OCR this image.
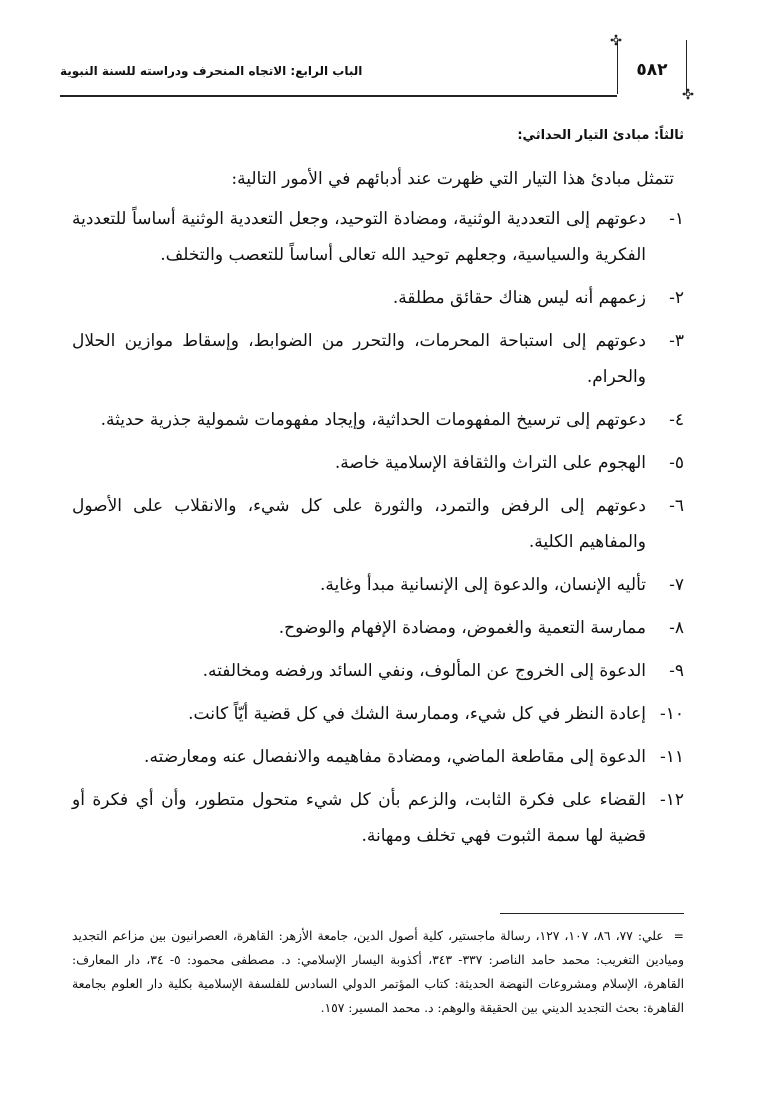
الباب الرابع: الاتجاه المنحرف ودراسته للسنة النبوية	٥٨٢
ثالثاً: مبادئ التيار الحداثي:
تتمثل مبادئ هذا التيار التي ظهرت عند أدبائهم في الأمور التالية:
١-
دعوتهم إلى التعددية الوثنية، ومضادة التوحيد، وجعل التعددية الوثنية أساساً للتعددية الفكرية والسياسية، وجعلهم توحيد الله تعالى أساساً للتعصب والتخلف.
٢-
زعمهم أنه ليس هناك حقائق مطلقة.
٣-
دعوتهم إلى استباحة المحرمات، والتحرر من الضوابط، وإسقاط موازين الحلال والحرام.
٤-
دعوتهم إلى ترسيخ المفهومات الحداثية، وإيجاد مفهومات شمولية جذرية حديثة.
٥-
الهجوم على التراث والثقافة الإسلامية خاصة.
٦-
دعوتهم إلى الرفض والتمرد، والثورة على كل شيء، والانقلاب على الأصول والمفاهيم الكلية.
٧-
تأليه الإنسان، والدعوة إلى الإنسانية مبدأ وغاية.
٨-
ممارسة التعمية والغموض، ومضادة الإفهام والوضوح.
٩-
الدعوة إلى الخروج عن المألوف، ونفي السائد ورفضه ومخالفته.
١٠-
إعادة النظر في كل شيء، وممارسة الشك في كل قضية أيّاً كانت.
١١-
الدعوة إلى مقاطعة الماضي، ومضادة مفاهيمه والانفصال عنه ومعارضته.
١٢-
القضاء على فكرة الثابت، والزعم بأن كل شيء متحول متطور، وأن أي فكرة أو قضية لها سمة الثبوت فهي تخلف ومهانة.
=علي: ٧٧، ٨٦، ١٠٧، ١٢٧، رسالة ماجستير، كلية أصول الدين، جامعة الأزهر: القاهرة، العصرانيون بين مزاعم التجديد وميادين التغريب: محمد حامد الناصر: ٣٣٧- ٣٤٣، أكذوبة اليسار الإسلامي: د. مصطفى محمود: ٥- ٣٤، دار المعارف: القاهرة، الإسلام ومشروعات النهضة الحديثة: كتاب المؤتمر الدولي السادس للفلسفة الإسلامية بكلية دار العلوم بجامعة القاهرة: بحث التجديد الديني بين الحقيقة والوهم: د. محمد المسير: ١٥٧.
